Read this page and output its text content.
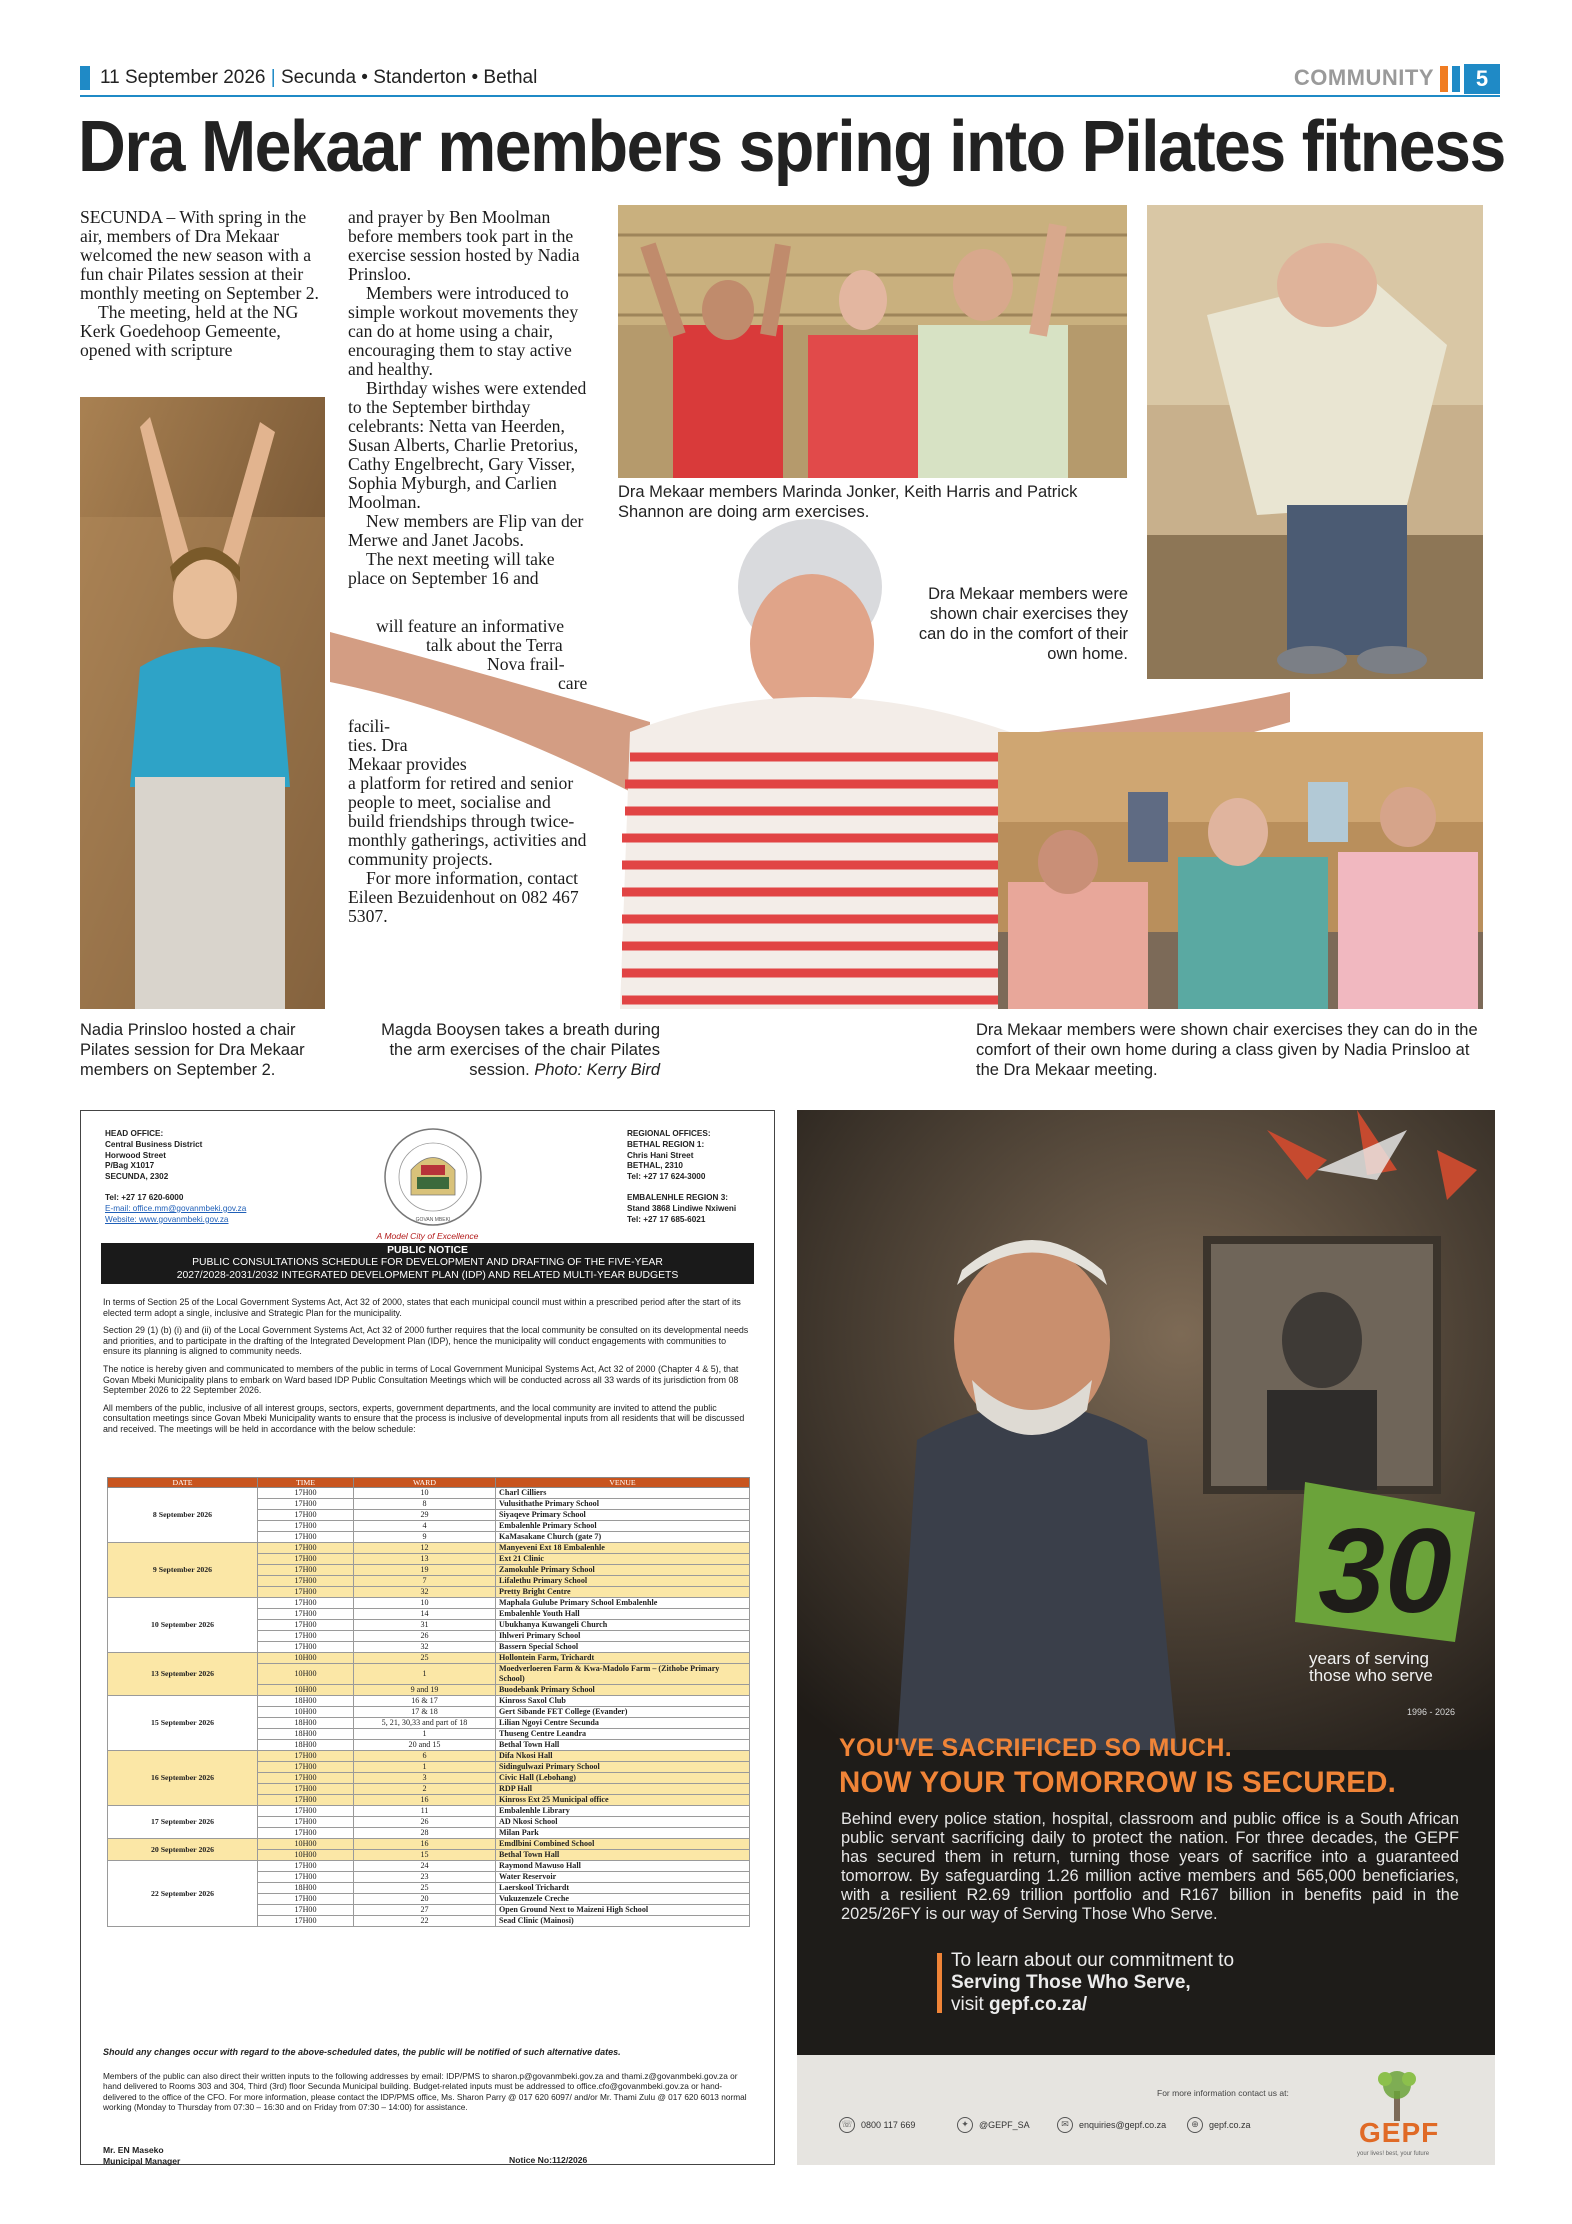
11 September 2026 | Secunda • Standerton • Bethal	COMMUNITY	5
Dra Mekaar members spring into Pilates fitness

SECUNDA – With spring in the air, members of Dra Mekaar welcomed the new season with a fun chair Pilates session at their monthly meeting on September 2.

The meeting, held at the NG Kerk Goedehoop Gemeente, opened with scripture

and prayer by Ben Moolman before members took part in the exercise session hosted by Nadia Prinsloo.

Members were introduced to simple workout movements they can do at home using a chair, encouraging them to stay active and healthy.

Birthday wishes were extended to the September birthday celebrants: Netta van Heerden, Susan Alberts, Charlie Pretorius, Cathy Engelbrecht, Gary Visser, Sophia Myburgh, and Carlien Moolman.

New members are Flip van der Merwe and Janet Jacobs.

The next meeting will take place on September 16 and

will feature an informative
talk about the Terra
Nova frail-
care

facili-

ties. Dra

Mekaar provides

a platform for retired and senior people to meet, socialise and build friendships through twice-monthly gatherings, activities and community projects.

For more information, contact Eileen Bezuidenhout on 082 467 5307.

Dra Mekaar members Marinda Jonker, Keith Harris and Patrick Shannon are doing arm exercises.
Dra Mekaar members were shown chair exercises they can do in the comfort of their own home.
Nadia Prinsloo hosted a chair Pilates session for Dra Mekaar members on September 2.
Magda Booysen takes a breath during the arm exercises of the chair Pilates session. Photo: Kerry Bird
Dra Mekaar members were shown chair exercises they can do in the comfort of their own home during a class given by Nadia Prinsloo at the Dra Mekaar meeting.
HEAD OFFICE:
Central Business District
Horwood Street
P/Bag X1017
SECUNDA, 2302
Tel: +27 17 620-6000
E-mail: office.mm@govanmbeki.gov.za
Website: www.govanmbeki.gov.za	GOVAN MBEKI
REGIONAL OFFICES:
BETHAL REGION 1:
Chris Hani Street
BETHAL, 2310
Tel: +27 17 624-3000
EMBALENHLE REGION 3:
Stand 3868 Lindiwe Nxiweni
Tel: +27 17 685-6021
A Model City of Excellence
PUBLIC NOTICE
PUBLIC CONSULTATIONS SCHEDULE FOR DEVELOPMENT AND DRAFTING OF THE FIVE-YEAR
2027/2028-2031/2032 INTEGRATED DEVELOPMENT PLAN (IDP) AND RELATED MULTI-YEAR BUDGETS

In terms of Section 25 of the Local Government Systems Act, Act 32 of 2000, states that each municipal council must within a prescribed period after the start of its elected term adopt a single, inclusive and Strategic Plan for the municipality.

Section 29 (1) (b) (i) and (ii) of the Local Government Systems Act, Act 32 of 2000 further requires that the local community be consulted on its developmental needs and priorities, and to participate in the drafting of the Integrated Development Plan (IDP), hence the municipality will conduct engagements with communities to ensure its planning is aligned to community needs.

The notice is hereby given and communicated to members of the public in terms of Local Government Municipal Systems Act, Act 32 of 2000 (Chapter 4 & 5), that Govan Mbeki Municipality plans to embark on Ward based IDP Public Consultation Meetings which will be conducted across all 33 wards of its jurisdiction from 08 September 2026 to 22 September 2026.

All members of the public, inclusive of all interest groups, sectors, experts, government departments, and the local community are invited to attend the public consultation meetings since Govan Mbeki Municipality wants to ensure that the process is inclusive of developmental inputs from all residents that will be discussed and received. The meetings will be held in accordance with the below schedule:

DATE	TIME	WARD	VENUE
8 September 2026	17H00	10	Charl Cilliers
	17H00	8	Vulusithathe Primary School
	17H00	29	Siyaqeve Primary School
	17H00	4	Embalenhle Primary School
	17H00	9	KaMasakane Church (gate 7)
9 September 2026	17H00	12	Manyeveni Ext 18 Embalenhle
	17H00	13	Ext 21 Clinic
	17H00	19	Zamokuhle Primary School
	17H00	7	Lifalethu Primary School
	17H00	32	Pretty Bright Centre
10 September 2026	17H00	10	Maphala Gulube Primary School Embalenhle
	17H00	14	Embalenhle Youth Hall
	17H00	31	Ubukhanya Kuwangeli Church
	17H00	26	Ihlweri Primary School
	17H00	32	Bassern Special School
13 September 2026	10H00	25	Hollontein Farm, Trichardt
	10H00	1	Moedverloeren Farm & Kwa-Madolo Farm – (Zithobe Primary School)
	10H00	9 and 19	Buodebank Primary School
15 September 2026	18H00	16 & 17	Kinross Saxol Club
	10H00	17 & 18	Gert Sibande FET College (Evander)
	18H00	5, 21, 30,33 and part of 18	Lilian Ngoyi Centre Secunda
	18H00	1	Thuseng Centre Leandra
	18H00	20 and 15	Bethal Town Hall
16 September 2026	17H00	6	Difa Nkosi Hall
	17H00	1	Sidingulwazi Primary School
	17H00	3	Civic Hall (Lebohang)
	17H00	2	RDP Hall
	17H00	16	Kinross Ext 25 Municipal office
17 September 2026	17H00	11	Embalenhle Library
	17H00	26	AD Nkosi School
	17H00	28	Milan Park
20 September 2026	10H00	16	Emdlbini Combined School
	10H00	15	Bethal Town Hall
22 September 2026	17H00	24	Raymond Mawuso Hall
	17H00	23	Water Reservoir
	18H00	25	Laerskool Trichardt
	17H00	20	Vukuzenzele Creche
	17H00	27	Open Ground Next to Maizeni High School
	17H00	22	Sead Clinic (Mainosi)
Should any changes occur with regard to the above-scheduled dates, the public will be notified of such alternative dates.
Members of the public can also direct their written inputs to the following addresses by email: IDP/PMS to sharon.p@govanmbeki.gov.za and thami.z@govanmbeki.gov.za or hand delivered to Rooms 303 and 304, Third (3rd) floor Secunda Municipal building. Budget-related inputs must be addressed to office.cfo@govanmbeki.gov.za or hand-delivered to the office of the CFO. For more information, please contact the IDP/PMS office, Ms. Sharon Parry @ 017 620 6097/ and/or Mr. Thami Zulu @ 017 620 6013 normal working (Monday to Thursday from 07:30 – 16:30 and on Friday from 07:30 – 14:00) for assistance.
Mr. EN Maseko
Municipal Manager	Notice No:112/2026
30
years of serving
those who serve
1996 - 2026
YOU'VE SACRIFICED SO MUCH.
NOW YOUR TOMORROW IS SECURED.
Behind every police station, hospital, classroom and public office is a South African public servant sacrificing daily to protect the nation. For three decades, the GEPF has secured them in return, turning those years of sacrifice into a guaranteed tomorrow. By safeguarding 1.26 million active members and 565,000 beneficiaries, with a resilient R2.69 trillion portfolio and R167 billion in benefits paid in the 2025/26FY is our way of Serving Those Who Serve.
To learn about our commitment to
Serving Those Who Serve,
visit gepf.co.za/
For more information contact us at:
☏ 0800 117 669	✦	@GEPF_SA	✉	enquiries@gepf.co.za	⊕	gepf.co.za	GEPF
your lives! best, your future
